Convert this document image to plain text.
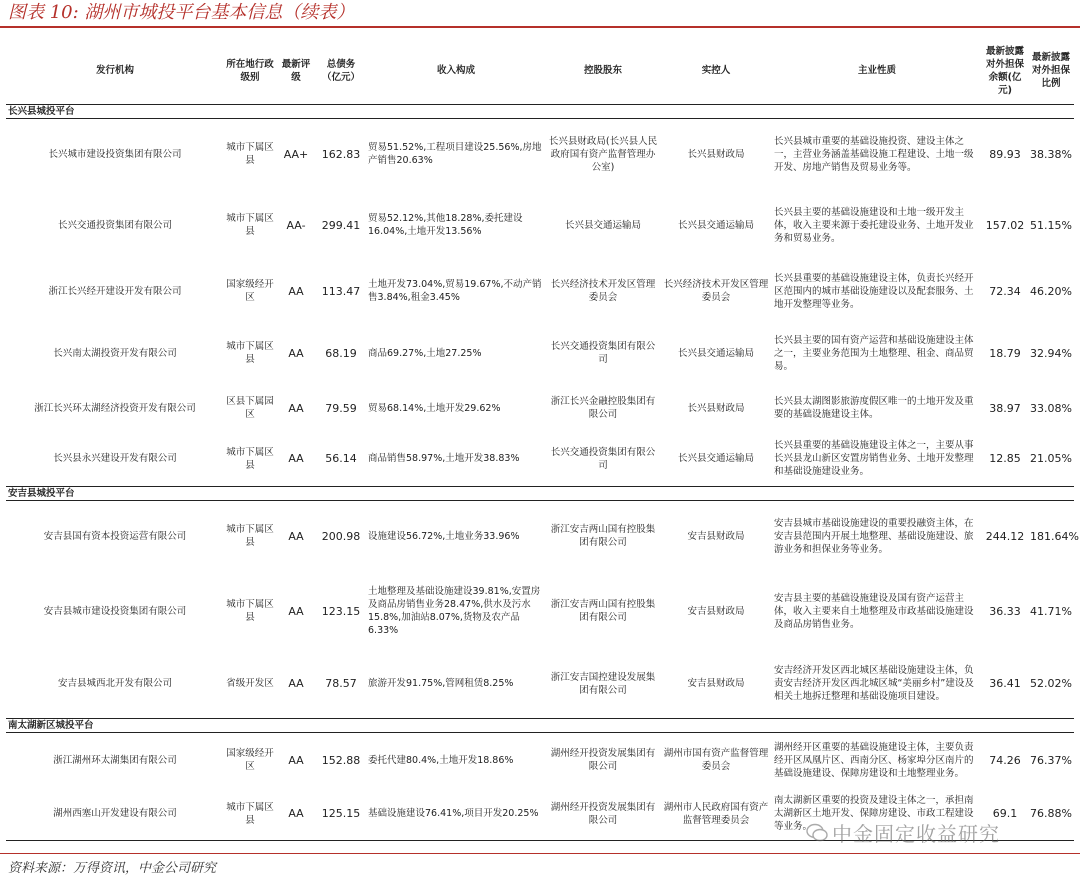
图表 10: 湖州市城投平台基本信息（续表）
发行机构	所在地行政级别	最新评级	总债务（亿元）	收入构成	控股股东	实控人	主业性质	最新披露对外担保余额(亿元)	最新披露对外担保比例
长兴县城投平台									
长兴城市建设投资集团有限公司	城市下属区县	AA+	162.83	贸易51.52%,工程项目建设25.56%,房地产销售20.63%	长兴县财政局(长兴县人民政府国有资产监督管理办公室)	长兴县财政局	长兴县城市重要的基础设施投资、建设主体之一，主营业务涵盖基础设施工程建设、土地一级开发、房地产销售及贸易业务等。	89.93	38.38%
长兴交通投资集团有限公司	城市下属区县	AA-	299.41	贸易52.12%,其他18.28%,委托建设16.04%,土地开发13.56%	长兴县交通运输局	长兴县交通运输局	长兴县主要的基础设施建设和土地一级开发主体，收入主要来源于委托建设业务、土地开发业务和贸易业务。	157.02	51.15%
浙江长兴经开建设开发有限公司	国家级经开区	AA	113.47	土地开发73.04%,贸易19.67%,不动产销售3.84%,租金3.45%	长兴经济技术开发区管理委员会	长兴经济技术开发区管理委员会	长兴县重要的基础设施建设主体，负责长兴经开区范围内的城市基础设施建设以及配套服务、土地开发整理等业务。	72.34	46.20%
长兴南太湖投资开发有限公司	城市下属区县	AA	68.19	商品69.27%,土地27.25%	长兴交通投资集团有限公司	长兴县交通运输局	长兴县主要的国有资产运营和基础设施建设主体之一，主要业务范围为土地整理、租金、商品贸易。	18.79	32.94%
浙江长兴环太湖经济投资开发有限公司	区县下属园区	AA	79.59	贸易68.14%,土地开发29.62%	浙江长兴金融控股集团有限公司	长兴县财政局	长兴县太湖图影旅游度假区唯一的土地开发及重要的基础设施建设主体。	38.97	33.08%
长兴县永兴建设开发有限公司	城市下属区县	AA	56.14	商品销售58.97%,土地开发38.83%	长兴交通投资集团有限公司	长兴县交通运输局	长兴县重要的基础设施建设主体之一，主要从事长兴县龙山新区安置房销售业务、土地开发整理和基础设施建设业务。	12.85	21.05%
安吉县城投平台									
安吉县国有资本投资运营有限公司	城市下属区县	AA	200.98	设施建设56.72%,土地业务33.96%	浙江安吉两山国有控股集团有限公司	安吉县财政局	安吉县城市基础设施建设的重要投融资主体，在安吉县范围内开展土地整理、基础设施建设、旅游业务和担保业务等业务。	244.12	181.64%
安吉县城市建设投资集团有限公司	城市下属区县	AA	123.15	土地整理及基础设施建设39.81%,安置房及商品房销售业务28.47%,供水及污水15.8%,加油站8.07%,货物及农产品6.33%	浙江安吉两山国有控股集团有限公司	安吉县财政局	安吉县主要的基础设施建设及国有资产运营主体，收入主要来自土地整理及市政基础设施建设及商品房销售业务。	36.33	41.71%
安吉县城西北开发有限公司	省级开发区	AA	78.57	旅游开发91.75%,管网租赁8.25%	浙江安吉国控建设发展集团有限公司	安吉县财政局	安吉经济开发区西北城区基础设施建设主体，负责安吉经济开发区西北城区城“美丽乡村”建设及相关土地拆迁整理和基础设施项目建设。	36.41	52.02%
南太湖新区城投平台									
浙江湖州环太湖集团有限公司	国家级经开区	AA	152.88	委托代建80.4%,土地开发18.86%	湖州经开投资发展集团有限公司	湖州市国有资产监督管理委员会	湖州经开区重要的基础设施建设主体，主要负责经开区凤凰片区、西南分区、杨家埠分区南片的基础设施建设、保障房建设和土地整理业务。	74.26	76.37%
湖州西塞山开发建设有限公司	城市下属区县	AA	125.15	基础设施建设76.41%,项目开发20.25%	湖州经开投资发展集团有限公司	湖州市人民政府国有资产监督管理委员会	南太湖新区重要的投资及建设主体之一，承担南太湖新区土地开发、保障房建设、市政工程建设等业务。	69.1	76.88%
中金固定收益研究
资料来源：万得资讯，中金公司研究
